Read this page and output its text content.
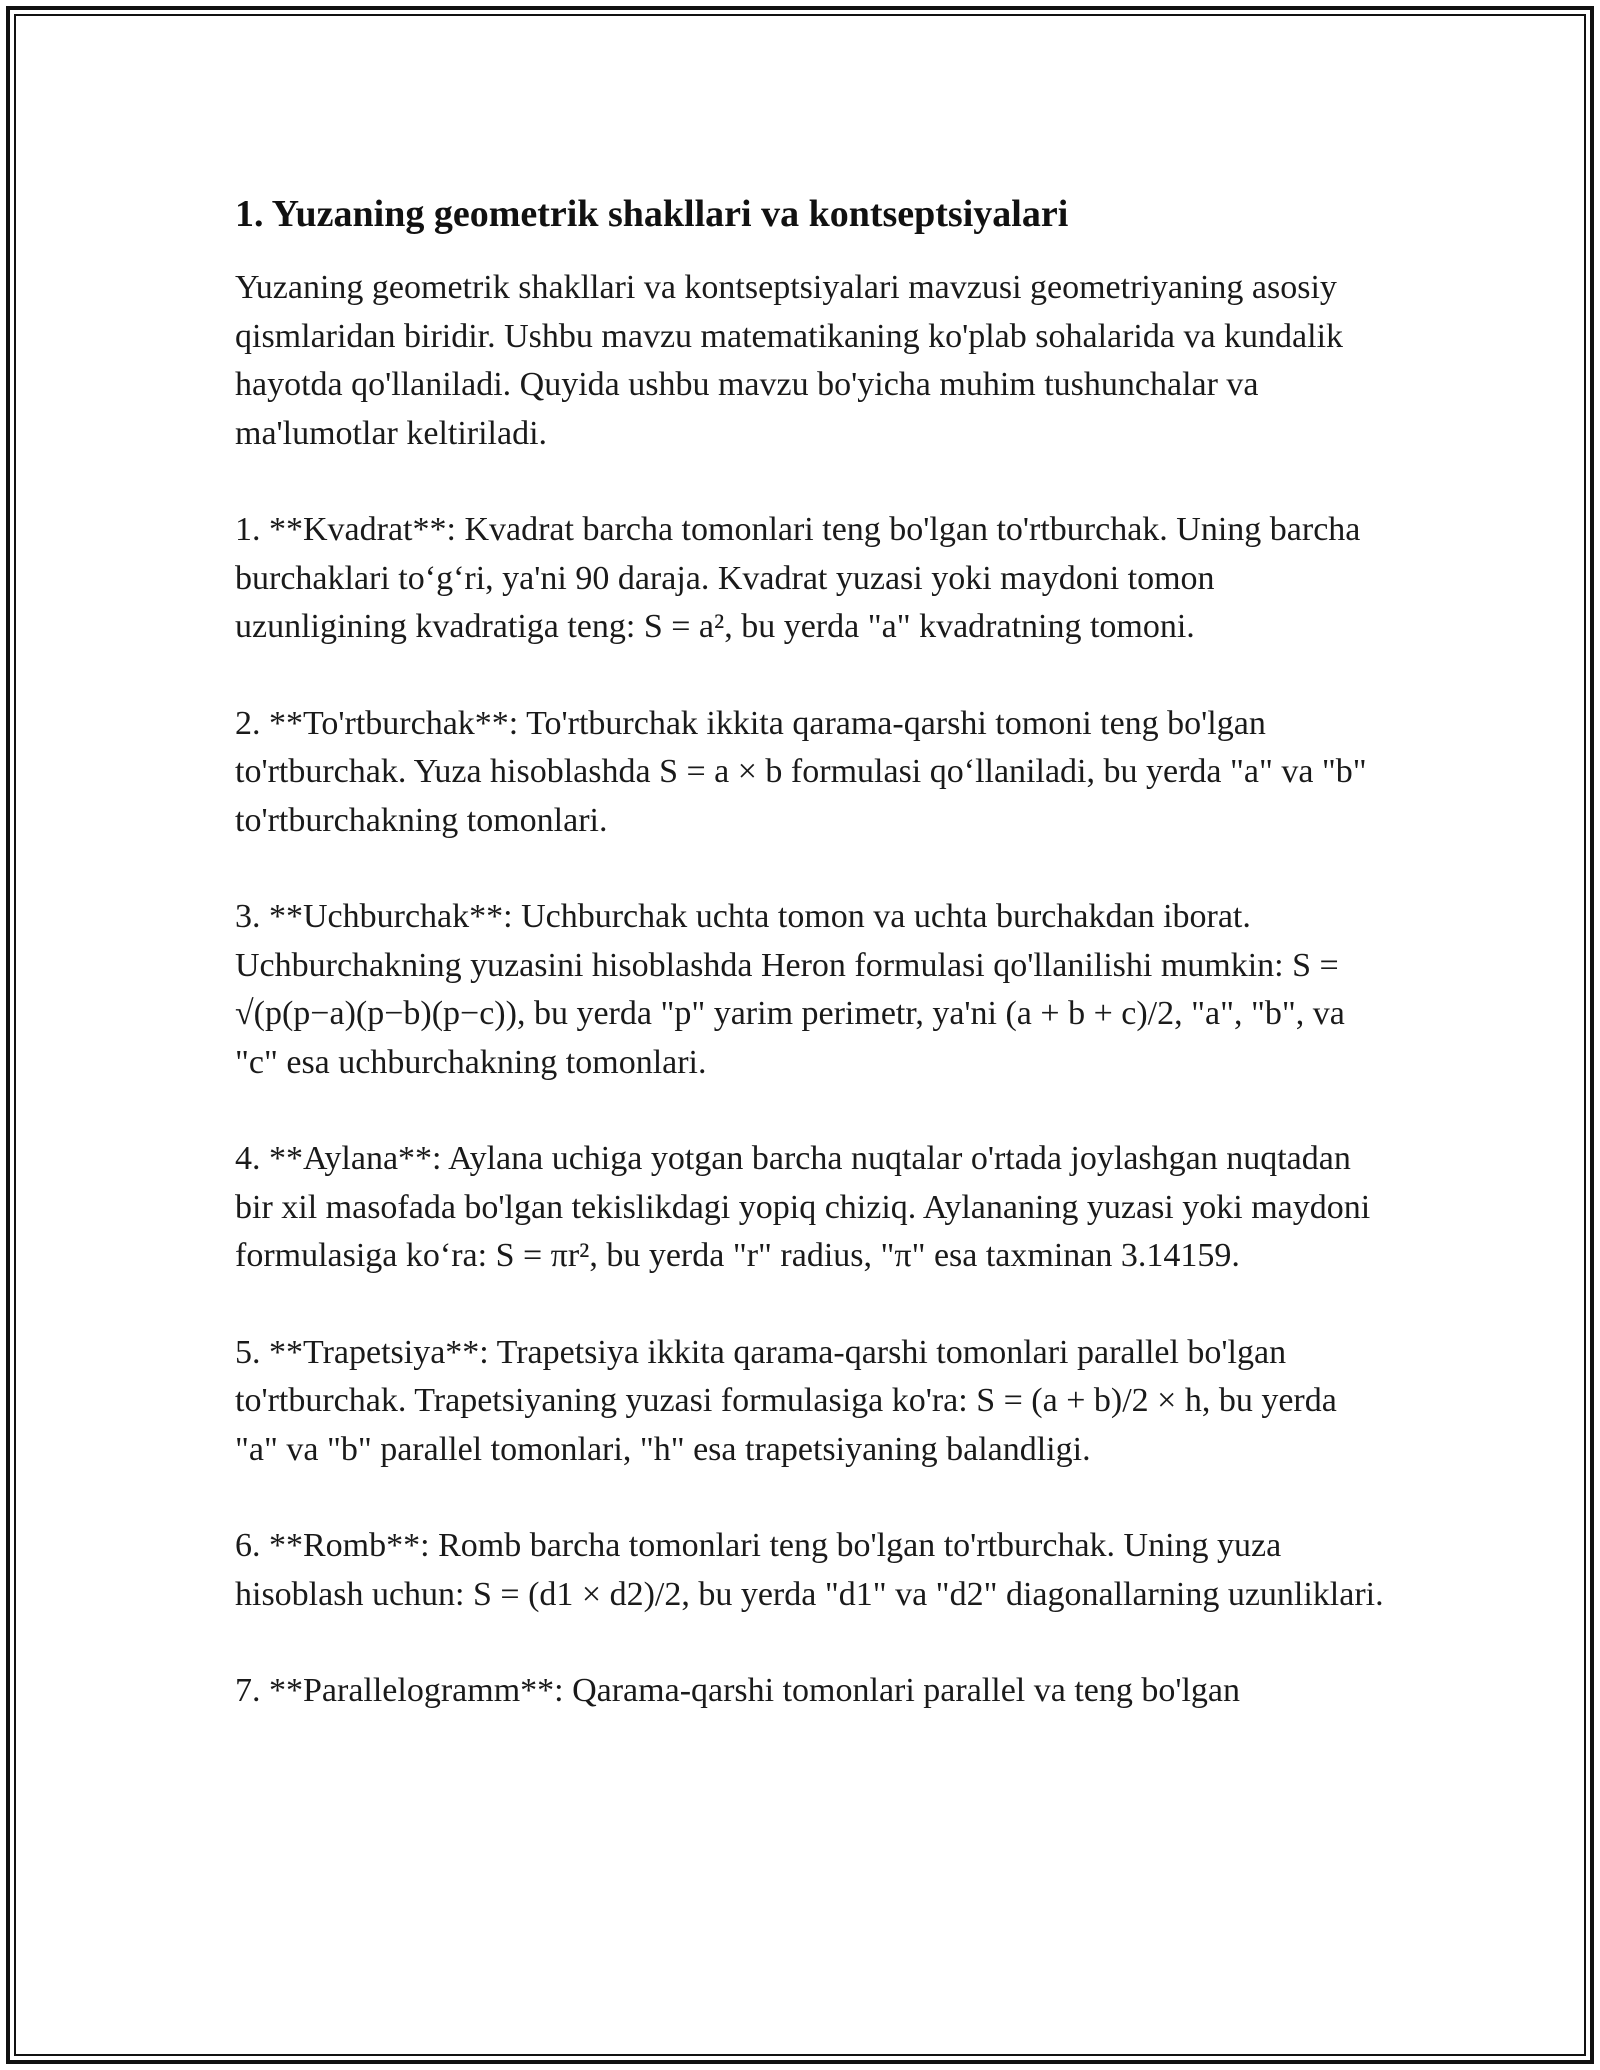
1. Yuzaning geometrik shakllari va kontseptsiyalari

Yuzaning geometrik shakllari va kontseptsiyalari mavzusi geometriyaning asosiy qismlaridan biridir. Ushbu mavzu matematikaning ko'plab sohalarida va kundalik hayotda qo'llaniladi. Quyida ushbu mavzu bo'yicha muhim tushunchalar va ma'lumotlar keltiriladi.

1. **Kvadrat**: Kvadrat barcha tomonlari teng bo'lgan to'rtburchak. Uning barcha burchaklari to‘g‘ri, ya'ni 90 daraja. Kvadrat yuzasi yoki maydoni tomon uzunligining kvadratiga teng: S = a², bu yerda "a" kvadratning tomoni.

2. **To'rtburchak**: To'rtburchak ikkita qarama-qarshi tomoni teng bo'lgan to'rtburchak. Yuza hisoblashda S = a × b formulasi qo‘llaniladi, bu yerda "a" va "b" to'rtburchakning tomonlari.

3. **Uchburchak**: Uchburchak uchta tomon va uchta burchakdan iborat. Uchburchakning yuzasini hisoblashda Heron formulasi qo'llanilishi mumkin: S = √(p(p−a)(p−b)(p−c)), bu yerda "p" yarim perimetr, ya'ni (a + b + c)/2, "a", "b", va "c" esa uchburchakning tomonlari.

4. **Aylana**: Aylana uchiga yotgan barcha nuqtalar o'rtada joylashgan nuqtadan bir xil masofada bo'lgan tekislikdagi yopiq chiziq. Aylananing yuzasi yoki maydoni formulasiga ko‘ra: S = πr², bu yerda "r" radius, "π" esa taxminan 3.14159.

5. **Trapetsiya**: Trapetsiya ikkita qarama-qarshi tomonlari parallel bo'lgan to'rtburchak. Trapetsiyaning yuzasi formulasiga ko'ra: S = (a + b)/2 × h, bu yerda "a" va "b" parallel tomonlari, "h" esa trapetsiyaning balandligi.

6. **Romb**: Romb barcha tomonlari teng bo'lgan to'rtburchak. Uning yuza hisoblash uchun: S = (d1 × d2)/2, bu yerda "d1" va "d2" diagonallarning uzunliklari.

7. **Parallelogramm**: Qarama-qarshi tomonlari parallel va teng bo'lgan
